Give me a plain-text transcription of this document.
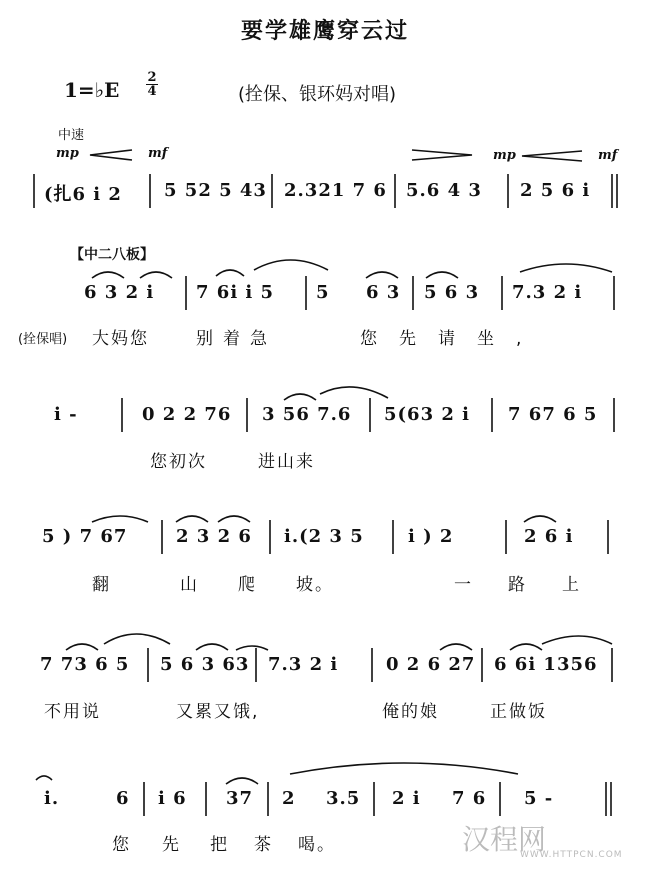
要学雄鹰穿云过
1=♭E
2
4	(拴保、银环妈对唱)
中速
mp	mf	mp	mf
(扎6 i 2 5 52 5 43 2.321 7 6 5.6 4 3 2 5 6 i
【中二八板】
6 3 2 i 7 6i i 5 5 6 3 5 6 3 7.3 2 i
(拴保唱) 大妈您	别着急	您先请坐,
i -	0 2 2 76 3 56 7.6 5(63 2 i 7 67 6 5
您初次	进山来
5 ) 7 67	2 3 2 6 i.(2 3 5 i ) 2	2 6 i
翻	山 爬 坡。	一 路 上
7 73 6 5 5 6 3 63 7.3 2 i	0 2 6 27 6 6i 1356
不用说	又累又饿,	俺的娘	正做饭
i.	6 i 6 37 2 3.5 2 i 7 6 5 -
您 先 把 茶 喝。	汉程网
WWW.HTTPCN.COM
